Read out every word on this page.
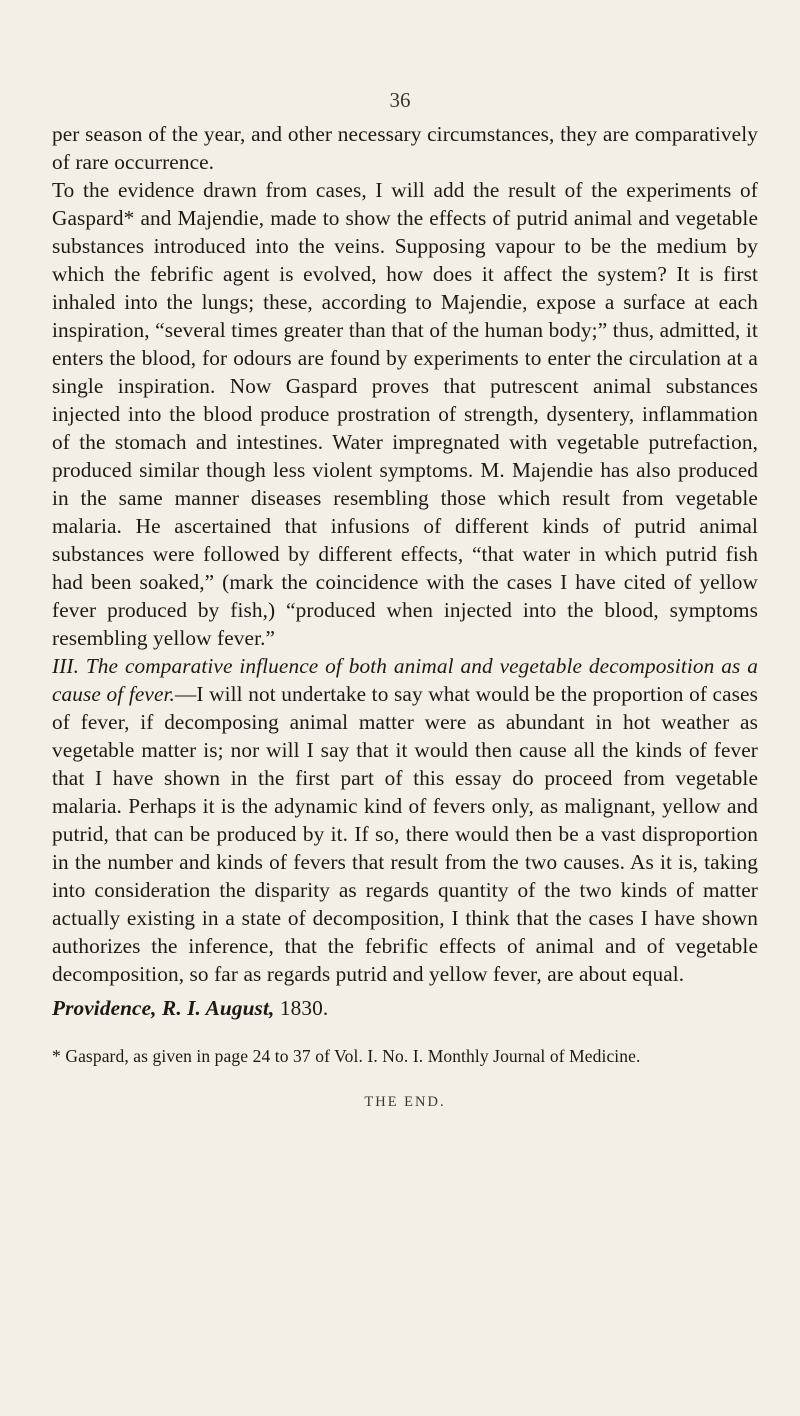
36

per season of the year, and other necessary circumstances, they are comparatively of rare occurrence.

To the evidence drawn from cases, I will add the result of the experiments of Gaspard* and Majendie, made to show the effects of putrid animal and vegetable substances introduced into the veins. Supposing vapour to be the medium by which the febrific agent is evolved, how does it affect the system? It is first inhaled into the lungs; these, according to Majendie, expose a surface at each inspiration, “several times greater than that of the human body;” thus, admitted, it enters the blood, for odours are found by experiments to enter the circulation at a single inspiration. Now Gaspard proves that putrescent animal substances injected into the blood produce prostration of strength, dysentery, inflammation of the stomach and intestines. Water impregnated with vegetable putrefaction, produced similar though less violent symptoms. M. Majendie has also produced in the same manner diseases resembling those which result from vegetable malaria. He ascertained that infusions of different kinds of putrid animal substances were followed by different effects, “that water in which putrid fish had been soaked,” (mark the coincidence with the cases I have cited of yellow fever produced by fish,) “produced when injected into the blood, symptoms resembling yellow fever.”

III. The comparative influence of both animal and vegetable decomposition as a cause of fever.—I will not undertake to say what would be the proportion of cases of fever, if decomposing animal matter were as abundant in hot weather as vegetable matter is; nor will I say that it would then cause all the kinds of fever that I have shown in the first part of this essay do proceed from vegetable malaria. Perhaps it is the adynamic kind of fevers only, as malignant, yellow and putrid, that can be produced by it. If so, there would then be a vast disproportion in the number and kinds of fevers that result from the two causes. As it is, taking into consideration the disparity as regards quantity of the two kinds of matter actually existing in a state of decomposition, I think that the cases I have shown authorizes the inference, that the febrific effects of animal and of vegetable decomposition, so far as regards putrid and yellow fever, are about equal.

Providence, R. I. August, 1830.

* Gaspard, as given in page 24 to 37 of Vol. I. No. I. Monthly Journal of Medicine.

THE END.
